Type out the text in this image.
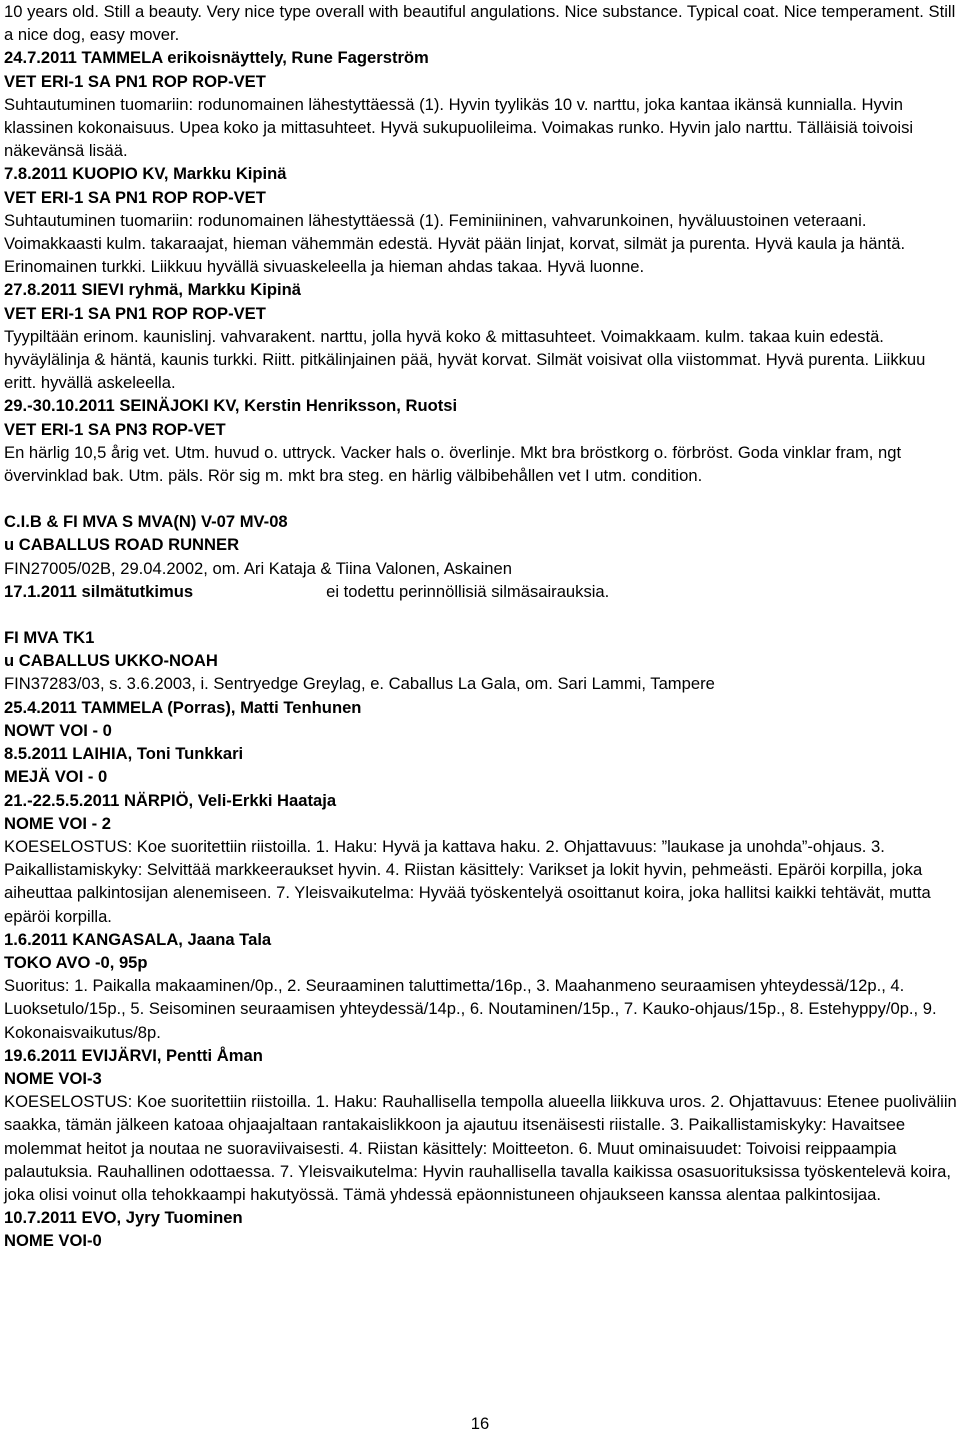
10 years old. Still a beauty. Very nice type overall with beautiful angulations. Nice substance. Typical coat. Nice temperament. Still a nice dog, easy mover.

24.7.2011 TAMMELA erikoisnäyttely, Rune Fagerström

VET ERI-1 SA PN1 ROP ROP-VET

Suhtautuminen tuomariin: rodunomainen lähestyttäessä (1). Hyvin tyylikäs 10 v. narttu, joka kantaa ikänsä kunnialla. Hyvin klassinen kokonaisuus. Upea koko ja mittasuhteet. Hyvä sukupuolileima. Voimakas runko. Hyvin jalo narttu. Tälläisiä toivoisi näkevänsä lisää.

7.8.2011 KUOPIO KV, Markku Kipinä

VET ERI-1 SA PN1 ROP ROP-VET

Suhtautuminen tuomariin: rodunomainen lähestyttäessä (1). Feminiininen, vahvarunkoinen, hyväluustoinen veteraani. Voimakkaasti kulm. takaraajat, hieman vähemmän edestä. Hyvät pään linjat, korvat, silmät ja purenta. Hyvä kaula ja häntä. Erinomainen turkki. Liikkuu hyvällä sivuaskeleella ja hieman ahdas takaa. Hyvä luonne.

27.8.2011 SIEVI ryhmä, Markku Kipinä

VET ERI-1 SA PN1 ROP ROP-VET

Tyypiltään erinom. kaunislinj. vahvarakent. narttu, jolla hyvä koko & mittasuhteet. Voimakkaam. kulm. takaa kuin edestä. hyväylälinja & häntä, kaunis turkki. Riitt. pitkälinjainen pää, hyvät korvat. Silmät voisivat olla viistommat. Hyvä purenta. Liikkuu eritt. hyvällä askeleella.

29.-30.10.2011 SEINÄJOKI KV, Kerstin Henriksson, Ruotsi

VET ERI-1 SA PN3 ROP-VET

En härlig 10,5 årig vet. Utm. huvud o. uttryck. Vacker hals o. överlinje. Mkt bra bröstkorg o. förbröst. Goda vinklar fram, ngt övervinklad bak. Utm. päls. Rör sig m. mkt bra steg. en härlig välbibehållen vet I utm. condition.

C.I.B & FI MVA S MVA(N) V-07 MV-08

u CABALLUS ROAD RUNNER

FIN27005/02B, 29.04.2002, om. Ari Kataja & Tiina Valonen, Askainen

17.1.2011 silmätutkimus	ei todettu perinnöllisiä silmäsairauksia.

FI MVA TK1

u CABALLUS UKKO-NOAH

FIN37283/03, s. 3.6.2003, i. Sentryedge Greylag, e. Caballus La Gala, om. Sari Lammi, Tampere

25.4.2011 TAMMELA (Porras), Matti Tenhunen

NOWT VOI - 0

8.5.2011 LAIHIA, Toni Tunkkari

MEJÄ VOI - 0

21.-22.5.5.2011 NÄRPIÖ, Veli-Erkki Haataja

NOME VOI - 2

KOESELOSTUS: Koe suoritettiin riistoilla. 1. Haku: Hyvä ja kattava haku. 2. Ohjattavuus: ”laukase ja unohda”-ohjaus. 3. Paikallistamiskyky: Selvittää markkeeraukset hyvin. 4. Riistan käsittely: Varikset ja lokit hyvin, pehmeästi. Epäröi korpilla, joka aiheuttaa palkintosijan alenemiseen. 7. Yleisvaikutelma: Hyvää työskentelyä osoittanut koira, joka hallitsi kaikki tehtävät, mutta epäröi korpilla.

1.6.2011 KANGASALA, Jaana Tala

TOKO AVO -0, 95p

Suoritus: 1. Paikalla makaaminen/0p., 2. Seuraaminen taluttimetta/16p., 3. Maahanmeno seuraamisen yhteydessä/12p., 4. Luoksetulo/15p., 5. Seisominen seuraamisen yhteydessä/14p., 6. Noutaminen/15p., 7. Kauko-ohjaus/15p., 8. Estehyppy/0p., 9. Kokonaisvaikutus/8p.

19.6.2011 EVIJÄRVI, Pentti Åman

NOME VOI-3

KOESELOSTUS: Koe suoritettiin riistoilla. 1. Haku: Rauhallisella tempolla alueella liikkuva uros. 2. Ohjattavuus: Etenee puoliväliin saakka, tämän jälkeen katoaa ohjaajaltaan rantakaislikkoon ja ajautuu itsenäisesti riistalle. 3. Paikallistamiskyky: Havaitsee molemmat heitot ja noutaa ne suoraviivaisesti. 4. Riistan käsittely: Moitteeton. 6. Muut ominaisuudet: Toivoisi reippaampia palautuksia. Rauhallinen odottaessa. 7. Yleisvaikutelma: Hyvin rauhallisella tavalla kaikissa osasuorituksissa työskentelevä koira, joka olisi voinut olla tehokkaampi hakutyössä. Tämä yhdessä epäonnistuneen ohjaukseen kanssa alentaa palkintosijaa.

10.7.2011 EVO, Jyry Tuominen

NOME VOI-0

16
